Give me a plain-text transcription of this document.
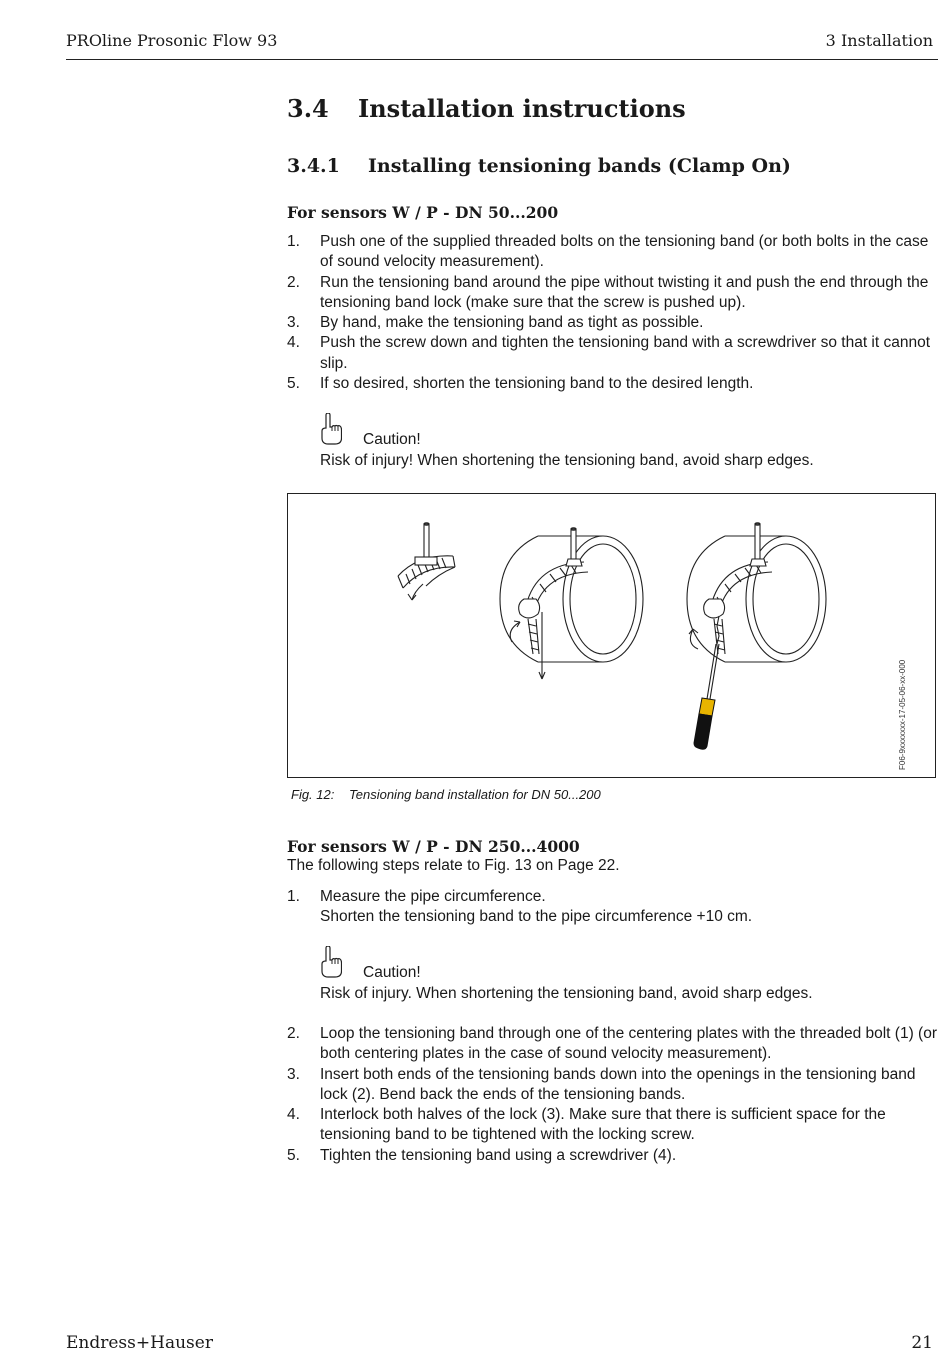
PROline Prosonic Flow 93	3 Installation
3.4 Installation instructions
3.4.1 Installing tensioning bands (Clamp On)
For sensors W / P - DN 50...200
1. Push one of the supplied threaded bolts on the tensioning band (or both bolts in the case of sound velocity measurement).
2. Run the tensioning band around the pipe without twisting it and push the end through the tensioning band lock (make sure that the screw is pushed up).
3. By hand, make the tensioning band as tight as possible.
4. Push the screw down and tighten the tensioning band with a screwdriver so that it cannot slip.
5. If so desired, shorten the tensioning band to the desired length.
Caution!
Risk of injury! When shortening the tensioning band, avoid sharp edges.
F06-9xxxxxxx-17-05-06-xx-000
Fig. 12: Tensioning band installation for DN 50...200
For sensors W / P - DN 250...4000
The following steps relate to Fig. 13 on Page 22.
1. Measure the pipe circumference.
Shorten the tensioning band to the pipe circumference +10 cm.
Caution!
Risk of injury. When shortening the tensioning band, avoid sharp edges.
2. Loop the tensioning band through one of the centering plates with the threaded bolt (1) (or both centering plates in the case of sound velocity measurement).
3. Insert both ends of the tensioning bands down into the openings in the tensioning band lock (2). Bend back the ends of the tensioning bands.
4. Interlock both halves of the lock (3). Make sure that there is sufficient space for the tensioning band to be tightened with the locking screw.
5. Tighten the tensioning band using a screwdriver (4).
Endress+Hauser	21
